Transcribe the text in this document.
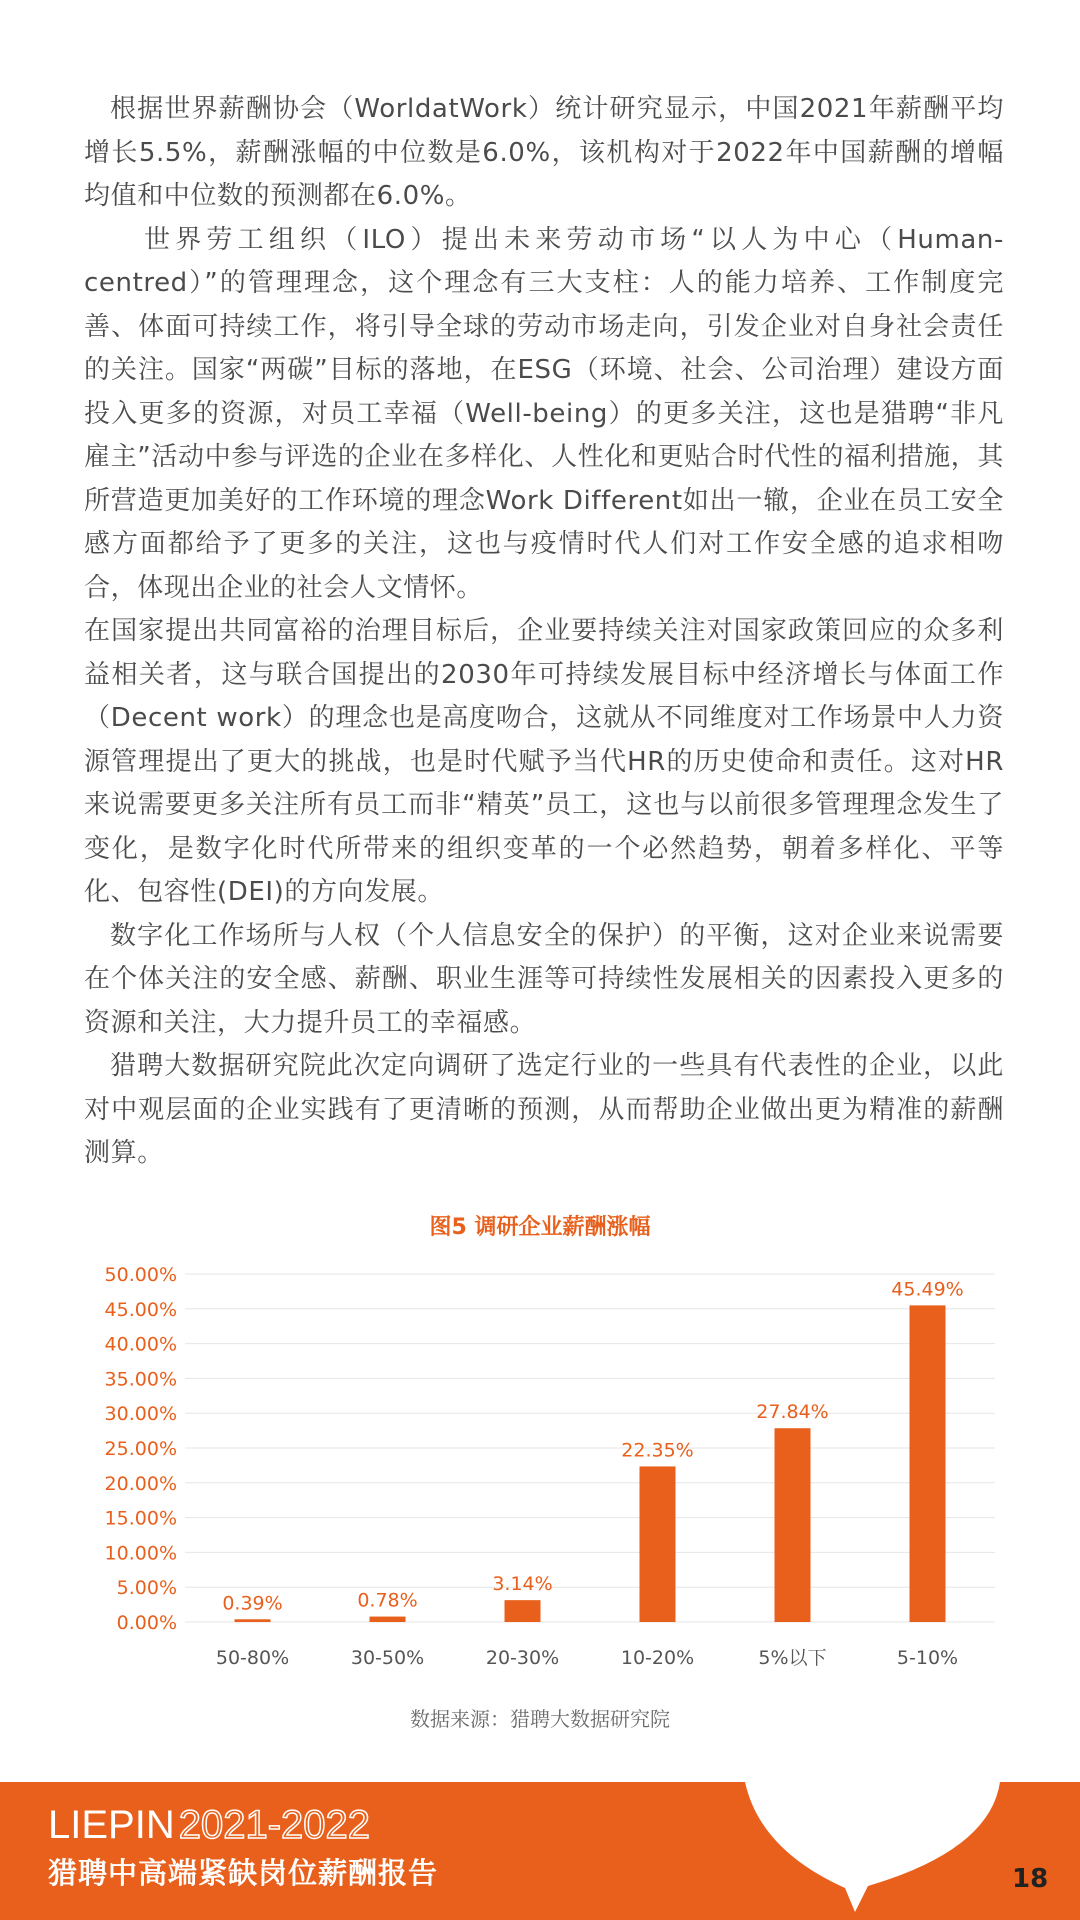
根据世界薪酬协会（WorldatWork）统计研究显示，中国2021年薪酬平均增长5.5%，薪酬涨幅的中位数是6.0%，该机构对于2022年中国薪酬的增幅均值和中位数的预测都在6.0%。

世界劳工组织（ILO）提出未来劳动市场“以人为中心（Human-centred）”的管理理念，这个理念有三大支柱：人的能力培养、工作制度完善、体面可持续工作，将引导全球的劳动市场走向，引发企业对自身社会责任的关注。国家“两碳”目标的落地，在ESG（环境、社会、公司治理）建设方面投入更多的资源，对员工幸福（Well-being）的更多关注，这也是猎聘“非凡雇主”活动中参与评选的企业在多样化、人性化和更贴合时代性的福利措施，其所营造更加美好的工作环境的理念Work Different如出一辙，企业在员工安全感方面都给予了更多的关注，这也与疫情时代人们对工作安全感的追求相吻合，体现出企业的社会人文情怀。

在国家提出共同富裕的治理目标后，企业要持续关注对国家政策回应的众多利益相关者，这与联合国提出的2030年可持续发展目标中经济增长与体面工作（Decent work）的理念也是高度吻合，这就从不同维度对工作场景中人力资源管理提出了更大的挑战，也是时代赋予当代HR的历史使命和责任。这对HR来说需要更多关注所有员工而非“精英”员工，这也与以前很多管理理念发生了变化，是数字化时代所带来的组织变革的一个必然趋势，朝着多样化、平等化、包容性(DEI)的方向发展。

数字化工作场所与人权（个人信息安全的保护）的平衡，这对企业来说需要在个体关注的安全感、薪酬、职业生涯等可持续性发展相关的因素投入更多的资源和关注，大力提升员工的幸福感。

猎聘大数据研究院此次定向调研了选定行业的一些具有代表性的企业，以此对中观层面的企业实践有了更清晰的预测，从而帮助企业做出更为精准的薪酬测算。

图5 调研企业薪酬涨幅
0.00%
5.00%
10.00%
15.00%
20.00%
25.00%
30.00%
35.00%
40.00%
45.00%
50.00%
0.39%
50-80%
0.78%
30-50%
3.14%
20-30%
22.35%
10-20%
27.84%
5%以下
45.49%
5-10%
数据来源：猎聘大数据研究院
LIEPIN 2021-2022
猎聘中高端紧缺岗位薪酬报告	18
